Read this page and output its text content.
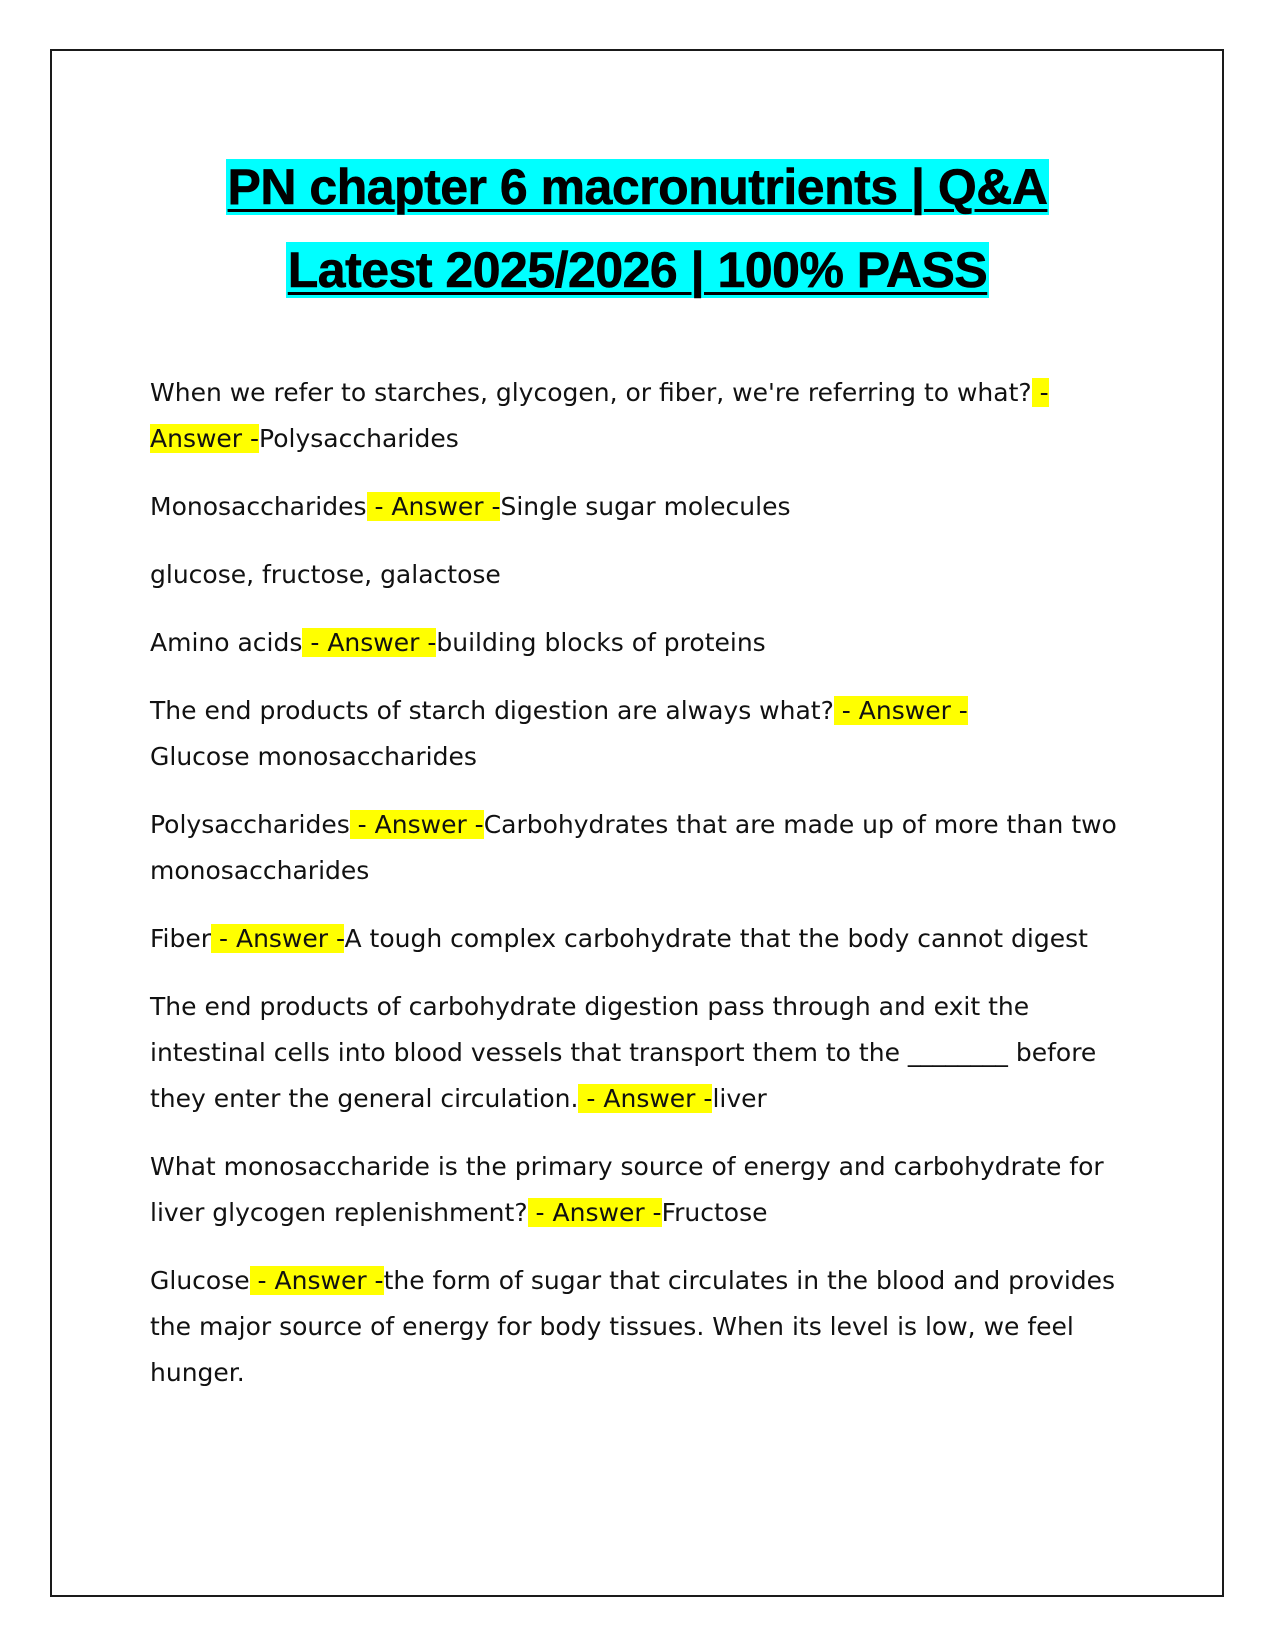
PN chapter 6 macronutrients | Q&A
Latest 2025/2026 | 100% PASS

When we refer to starches, glycogen, or fiber, we're referring to what? - Answer -Polysaccharides

Monosaccharides - Answer -Single sugar molecules

glucose, fructose, galactose

Amino acids - Answer -building blocks of proteins

The end products of starch digestion are always what? - Answer -
Glucose monosaccharides

Polysaccharides - Answer -Carbohydrates that are made up of more than two monosaccharides

Fiber - Answer -A tough complex carbohydrate that the body cannot digest

The end products of carbohydrate digestion pass through and exit the intestinal cells into blood vessels that transport them to the ________ before they enter the general circulation. - Answer -liver

What monosaccharide is the primary source of energy and carbohydrate for liver glycogen replenishment? - Answer -Fructose

Glucose - Answer -the form of sugar that circulates in the blood and provides the major source of energy for body tissues. When its level is low, we feel hunger.
